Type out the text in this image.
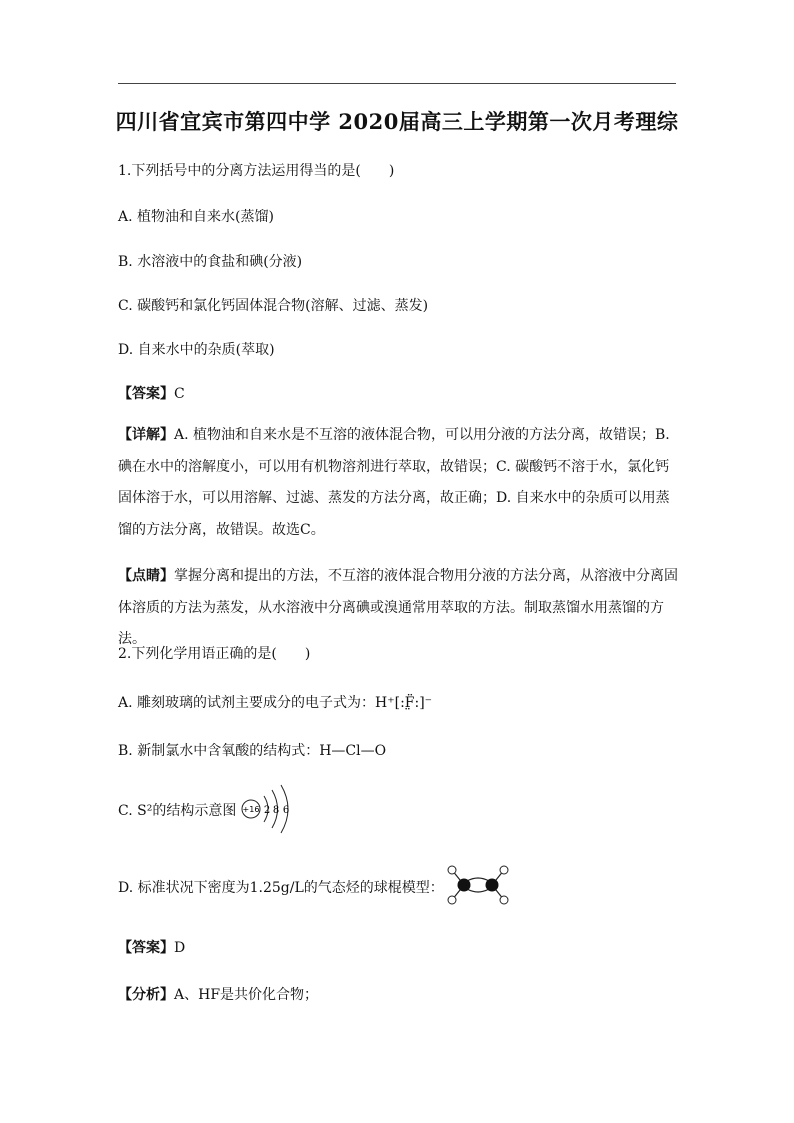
四川省宜宾市第四中学 2020届高三上学期第一次月考理综
1.下列括号中的分离方法运用得当的是(　　)
A. 植物油和自来水(蒸馏)
B. 水溶液中的食盐和碘(分液)
C. 碳酸钙和氯化钙固体混合物(溶解、过滤、蒸发)
D. 自来水中的杂质(萃取)
【答案】C
【详解】A. 植物油和自来水是不互溶的液体混合物，可以用分液的方法分离，故错误；B.碘在水中的溶解度小，可以用有机物溶剂进行萃取，故错误；C. 碳酸钙不溶于水，氯化钙固体溶于水，可以用溶解、过滤、蒸发的方法分离，故正确；D. 自来水中的杂质可以用蒸馏的方法分离，故错误。故选C。
【点睛】掌握分离和提出的方法，不互溶的液体混合物用分液的方法分离，从溶液中分离固体溶质的方法为蒸发，从水溶液中分离碘或溴通常用萃取的方法。制取蒸馏水用蒸馏的方法。
2.下列化学用语正确的是(　　)
A. 雕刻玻璃的试剂主要成分的电子式为：H⁺[:F̤̈:]⁻
B. 新制氯水中含氧酸的结构式：H—Cl—O
C. S²的结构示意图 +16 2 8 6
D. 标准状况下密度为1.25g/L的气态烃的球棍模型：
【答案】D
【分析】A、HF是共价化合物；
